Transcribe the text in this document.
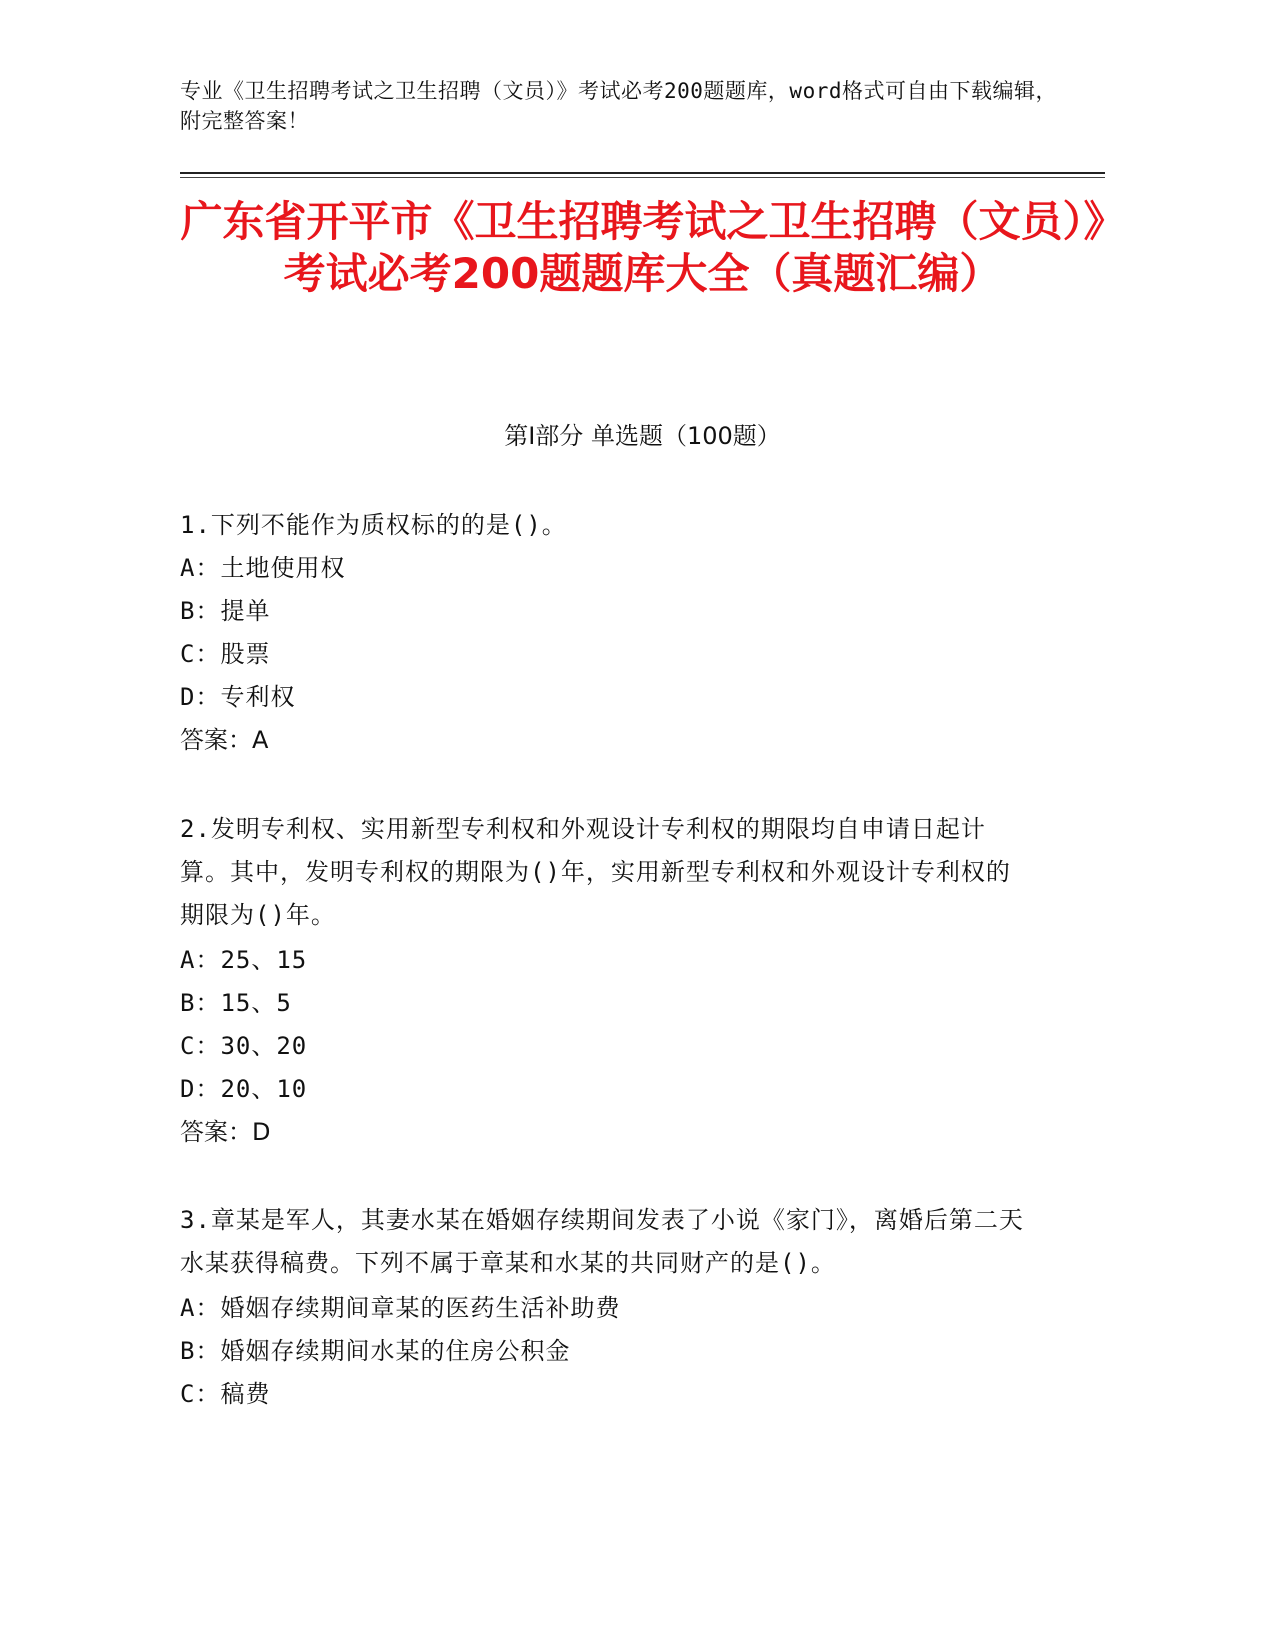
专业《卫生招聘考试之卫生招聘（文员）》考试必考200题题库，word格式可自由下载编辑，附完整答案！
广东省开平市《卫生招聘考试之卫生招聘（文员）》考试必考200题题库大全（真题汇编）
第Ⅰ部分 单选题（100题）
1.下列不能作为质权标的的是()。
A：土地使用权
B：提单
C：股票
D：专利权
答案：A
2.发明专利权、实用新型专利权和外观设计专利权的期限均自申请日起计算。其中，发明专利权的期限为()年，实用新型专利权和外观设计专利权的期限为()年。
A：25、15
B：15、5
C：30、20
D：20、10
答案：D
3.章某是军人，其妻水某在婚姻存续期间发表了小说《家门》，离婚后第二天水某获得稿费。下列不属于章某和水某的共同财产的是()。
A：婚姻存续期间章某的医药生活补助费
B：婚姻存续期间水某的住房公积金
C：稿费
